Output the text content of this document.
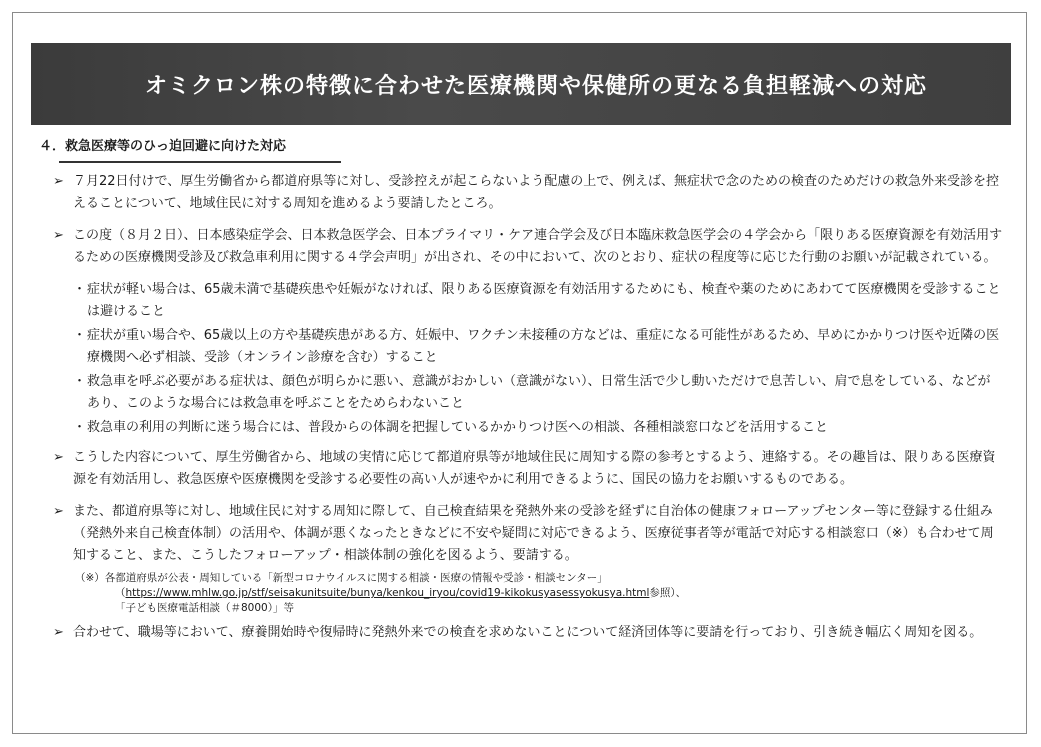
オミクロン株の特徴に合わせた医療機関や保健所の更なる負担軽減への対応
４．救急医療等のひっ迫回避に向けた対応
➢ ７月22日付けで、厚生労働省から都道府県等に対し、受診控えが起こらないよう配慮の上で、例えば、無症状で念のための検査のためだけの救急外来受診を控えることについて、地域住民に対する周知を進めるよう要請したところ。
➢ この度（８月２日）、日本感染症学会、日本救急医学会、日本プライマリ・ケア連合学会及び日本臨床救急医学会の４学会から「限りある医療資源を有効活用するための医療機関受診及び救急車利用に関する４学会声明」が出され、その中において、次のとおり、症状の程度等に応じた行動のお願いが記載されている。
・ 症状が軽い場合は、65歳未満で基礎疾患や妊娠がなければ、限りある医療資源を有効活用するためにも、検査や薬のためにあわてて医療機関を受診することは避けること
・ 症状が重い場合や、65歳以上の方や基礎疾患がある方、妊娠中、ワクチン未接種の方などは、重症になる可能性があるため、早めにかかりつけ医や近隣の医療機関へ必ず相談、受診（オンライン診療を含む）すること
・ 救急車を呼ぶ必要がある症状は、顔色が明らかに悪い、意識がおかしい（意識がない）、日常生活で少し動いただけで息苦しい、肩で息をしている、などがあり、このような場合には救急車を呼ぶことをためらわないこと
・ 救急車の利用の判断に迷う場合には、普段からの体調を把握しているかかりつけ医への相談、各種相談窓口などを活用すること
➢ こうした内容について、厚生労働省から、地域の実情に応じて都道府県等が地域住民に周知する際の参考とするよう、連絡する。その趣旨は、限りある医療資源を有効活用し、救急医療や医療機関を受診する必要性の高い人が速やかに利用できるように、国民の協力をお願いするものである。
➢ また、都道府県等に対し、地域住民に対する周知に際して、自己検査結果を発熱外来の受診を経ずに自治体の健康フォローアップセンター等に登録する仕組み（発熱外来自己検査体制）の活用や、体調が悪くなったときなどに不安や疑問に対応できるよう、医療従事者等が電話で対応する相談窓口（※）も合わせて周知すること、また、こうしたフォローアップ・相談体制の強化を図るよう、要請する。
（※）各都道府県が公表・周知している「新型コロナウイルスに関する相談・医療の情報や受診・相談センター」
（https://www.mhlw.go.jp/stf/seisakunitsuite/bunya/kenkou_iryou/covid19-kikokusyasessyokusya.html参照）、
「子ども医療電話相談（＃8000）」等
➢ 合わせて、職場等において、療養開始時や復帰時に発熱外来での検査を求めないことについて経済団体等に要請を行っており、引き続き幅広く周知を図る。
